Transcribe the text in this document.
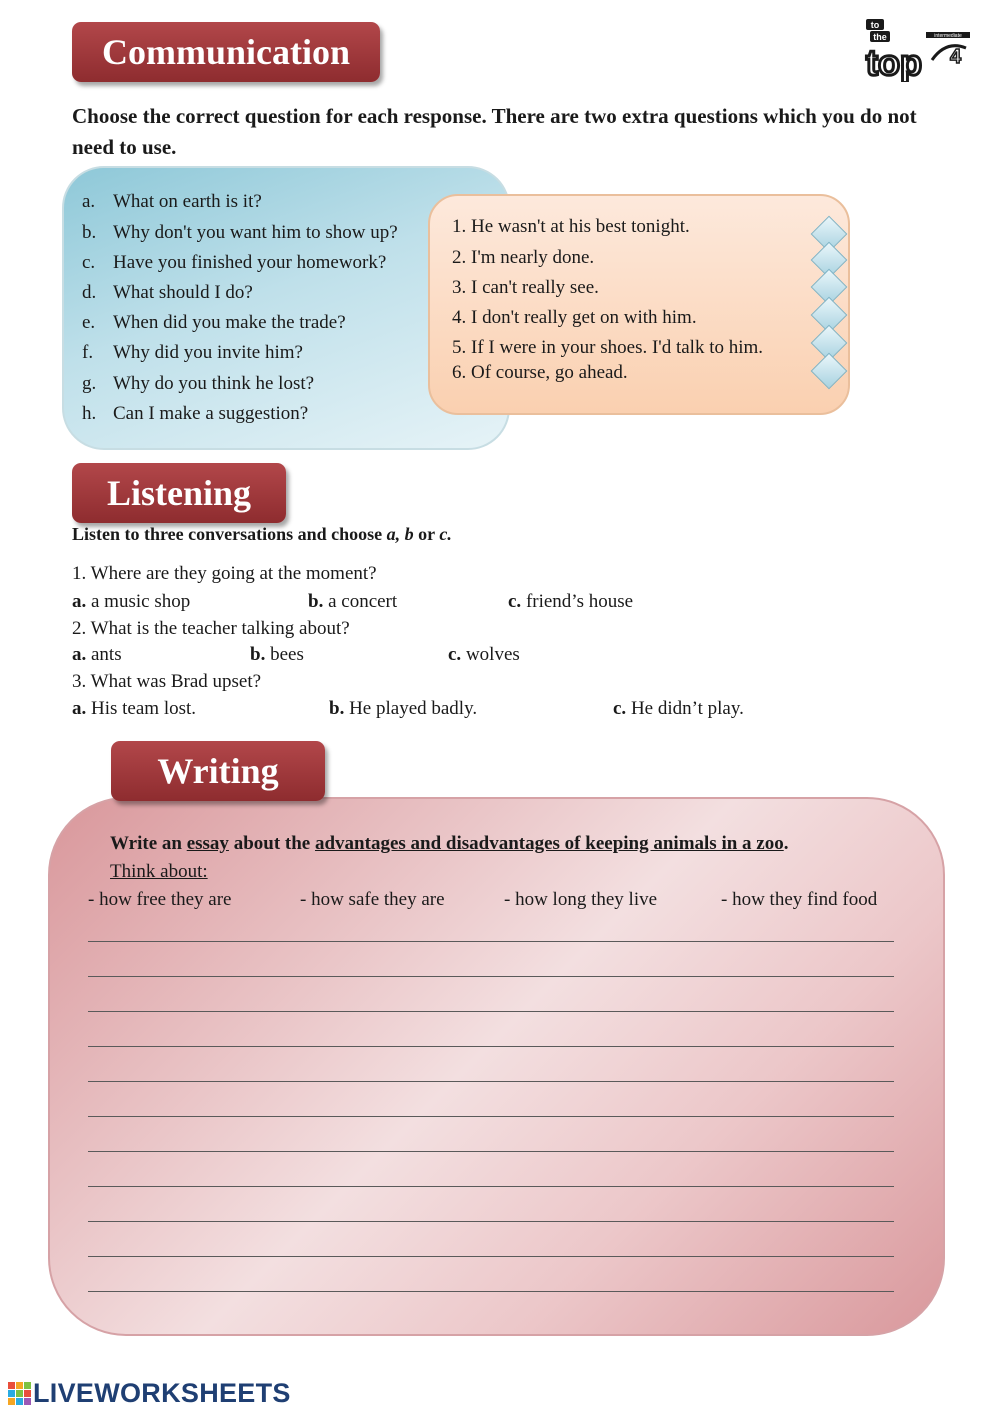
to
the
top
intermediate
4
Communication
Choose the correct question for each response. There are two extra questions which you do not need to use.
a. What on earth is it?
b. Why don't you want him to show up?
c. Have you finished your homework?
d. What should I do?
e. When did you make the trade?
f. Why did you invite him?
g. Why do you think he lost?
h. Can I make a suggestion?
1. He wasn't at his best tonight.
2. I'm nearly done.
3. I can't really see.
4. I don't really get on with him.
5. If I were in your shoes. I'd talk to him.
6. Of course, go ahead.
Listening
Listen to three conversations and choose a, b or c.
1. Where are they going at the moment?
a. a music shop	b. a concert	c. friend’s house
2. What is the teacher talking about?
a. ants	b. bees	c. wolves
3. What was Brad upset?
a. His team lost.	b. He played badly.	c. He didn’t play.
Writing
Write an essay about the advantages and disadvantages of keeping animals in a zoo.
Think about:
- how free they are	- how safe they are	- how long they live	- how they find food
LIVEWORKSHEETS
